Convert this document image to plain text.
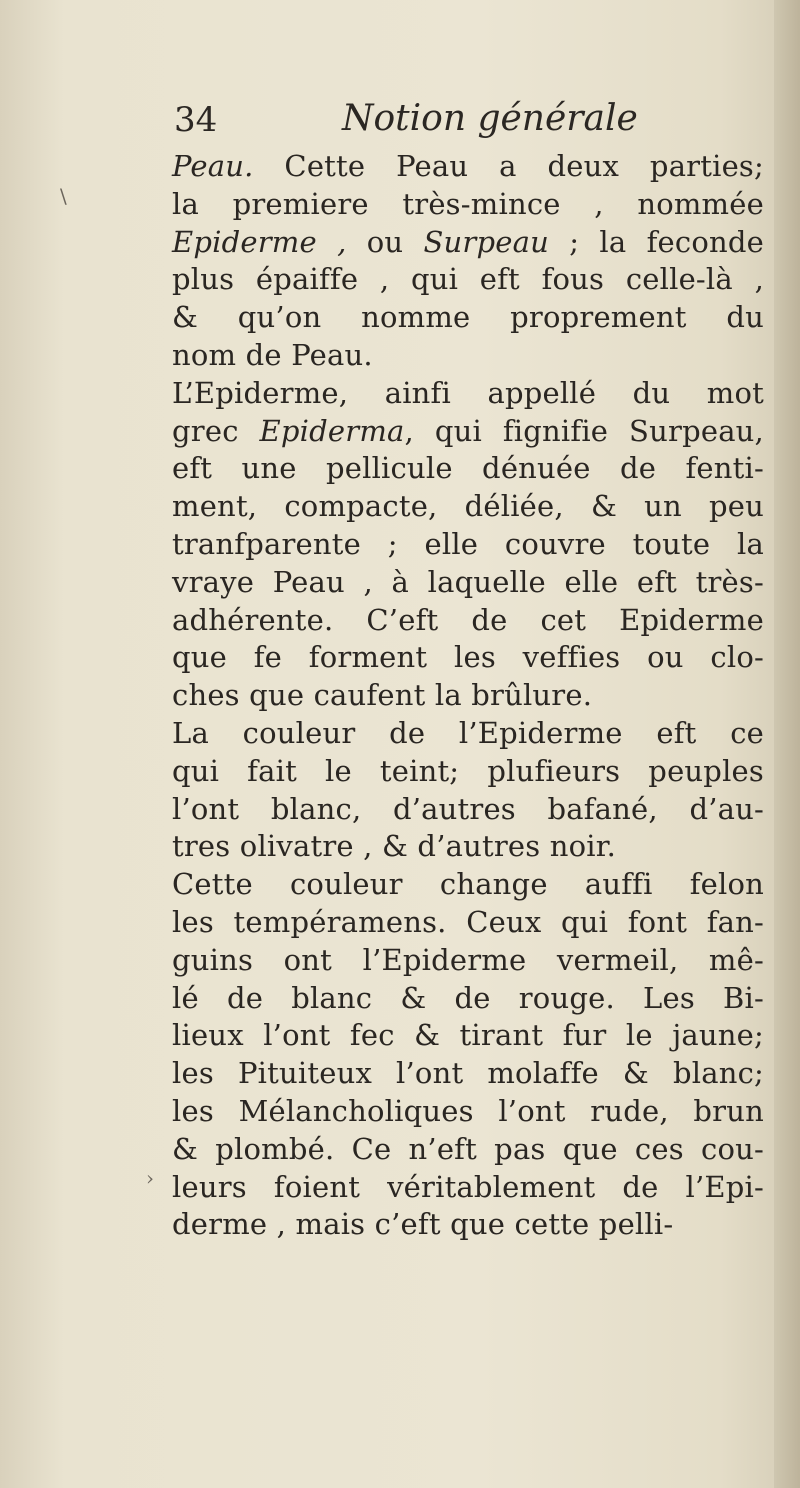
34	Notion générale
\
›
Peau. Cette Peau a deux parties;
la premiere très-mince , nommée
Epiderme , ou Surpeau ; la feconde
plus épaiffe , qui eft fous celle-là ,
& qu’on nomme proprement du
nom de Peau.
L’Epiderme, ainfi appellé du mot
grec Epiderma, qui fignifie Surpeau,
eft une pellicule dénuée de fenti-
ment, compacte, déliée, & un peu
tranfparente ; elle couvre toute la
vraye Peau , à laquelle elle eft très-
adhérente. C’eft de cet Epiderme
que fe forment les veffies ou clo-
ches que caufent la brûlure.
La couleur de l’Epiderme eft ce
qui fait le teint; plufieurs peuples
l’ont blanc, d’autres bafané, d’au-
tres olivatre , & d’autres noir.
Cette couleur change auffi felon
les tempéramens. Ceux qui font fan-
guins ont l’Epiderme vermeil, mê-
lé de blanc & de rouge. Les Bi-
lieux l’ont fec & tirant fur le jaune;
les Pituiteux l’ont molaffe & blanc;
les Mélancholiques l’ont rude, brun
& plombé. Ce n’eft pas que ces cou-
leurs foient véritablement de l’Epi-
derme , mais c’eft que cette pelli-
